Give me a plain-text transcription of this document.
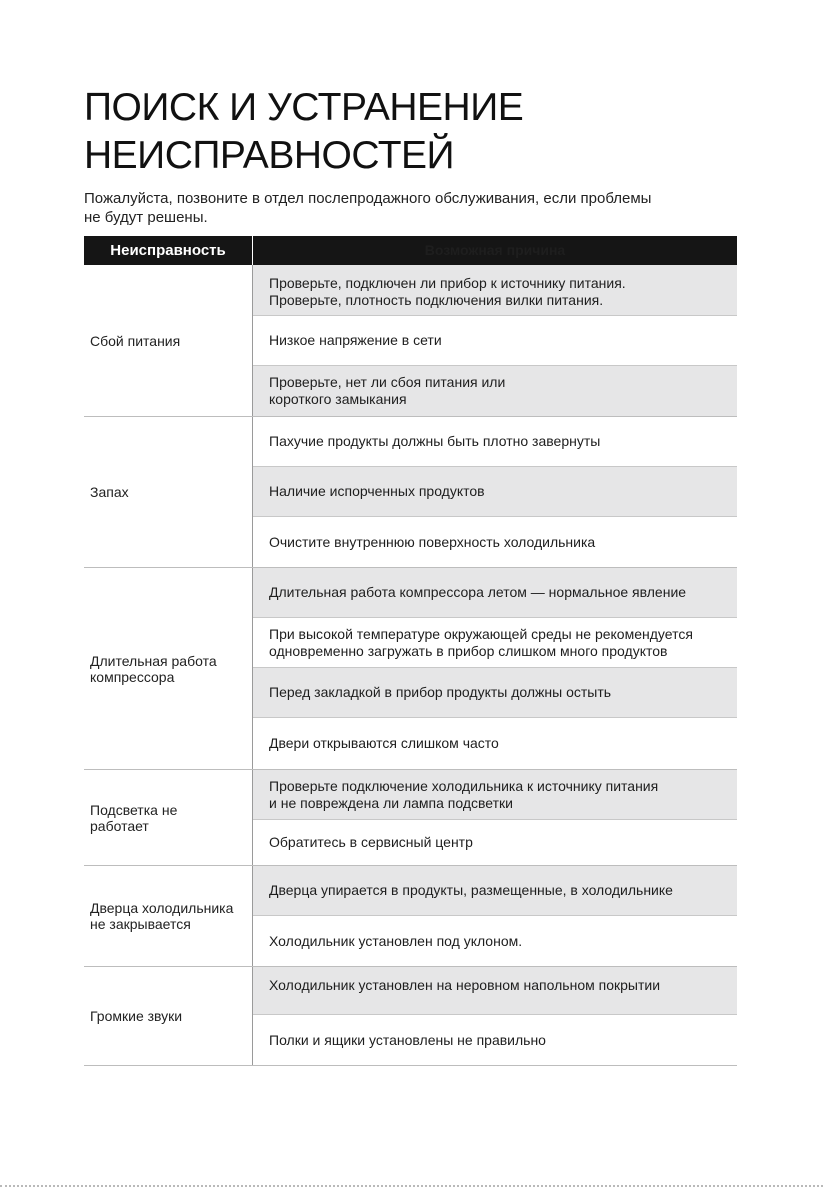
ПОИСК И УСТРАНЕНИЕ
НЕИСПРАВНОСТЕЙ

Пожалуйста, позвоните в отдел послепродажного обслуживания, если проблемы
не будут решены.

Неисправность	Возможная причина
Сбой питания
Проверьте, подключен ли прибор к источнику питания.
Проверьте, плотность подключения вилки питания.
Низкое напряжение в сети
Проверьте, нет ли сбоя питания или
короткого замыкания
Запах
Пахучие продукты должны быть плотно завернуты
Наличие испорченных продуктов
Очистите внутреннюю поверхность холодильника
Длительная работа
компрессора
Длительная работа компрессора летом — нормальное явление
При высокой температуре окружающей среды не рекомендуется
одновременно загружать в прибор слишком много продуктов
Перед закладкой в прибор продукты должны остыть
Двери открываются слишком часто
Подсветка не
работает
Проверьте подключение холодильника к источнику питания
и не повреждена ли лампа подсветки
Обратитесь в сервисный центр
Дверца холодильника
не закрывается
Дверца упирается в продукты, размещенные, в холодильнике
Холодильник установлен под уклоном.
Громкие звуки
Холодильник установлен на неровном напольном покрытии
Полки и ящики установлены не правильно
